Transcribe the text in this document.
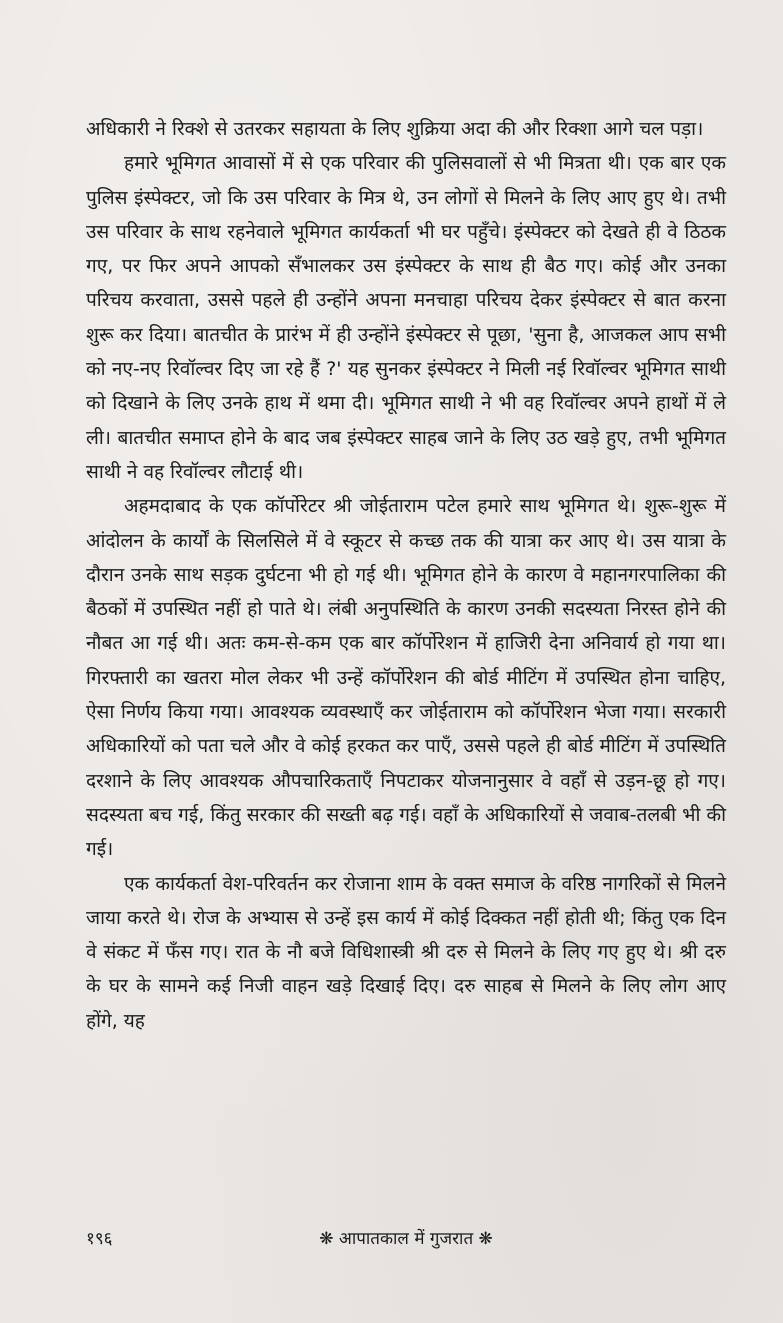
अधिकारी ने रिक्शे से उतरकर सहायता के लिए शुक्रिया अदा की और रिक्शा आगे चल पड़ा।

हमारे भूमिगत आवासों में से एक परिवार की पुलिसवालों से भी मित्रता थी। एक बार एक पुलिस इंस्पेक्टर, जो कि उस परिवार के मित्र थे, उन लोगों से मिलने के लिए आए हुए थे। तभी उस परिवार के साथ रहनेवाले भूमिगत कार्यकर्ता भी घर पहुँचे। इंस्पेक्टर को देखते ही वे ठिठक गए, पर फिर अपने आपको सँभालकर उस इंस्पेक्टर के साथ ही बैठ गए। कोई और उनका परिचय करवाता, उससे पहले ही उन्होंने अपना मनचाहा परिचय देकर इंस्पेक्टर से बात करना शुरू कर दिया। बातचीत के प्रारंभ में ही उन्होंने इंस्पेक्टर से पूछा, 'सुना है, आजकल आप सभी को नए-नए रिवॉल्वर दिए जा रहे हैं ?' यह सुनकर इंस्पेक्टर ने मिली नई रिवॉल्वर भूमिगत साथी को दिखाने के लिए उनके हाथ में थमा दी। भूमिगत साथी ने भी वह रिवॉल्वर अपने हाथों में ले ली। बातचीत समाप्त होने के बाद जब इंस्पेक्टर साहब जाने के लिए उठ खड़े हुए, तभी भूमिगत साथी ने वह रिवॉल्वर लौटाई थी।

अहमदाबाद के एक कॉर्पोरेटर श्री जोईताराम पटेल हमारे साथ भूमिगत थे। शुरू-शुरू में आंदोलन के कार्यों के सिलसिले में वे स्कूटर से कच्छ तक की यात्रा कर आए थे। उस यात्रा के दौरान उनके साथ सड़क दुर्घटना भी हो गई थी। भूमिगत होने के कारण वे महानगरपालिका की बैठकों में उपस्थित नहीं हो पाते थे। लंबी अनुपस्थिति के कारण उनकी सदस्यता निरस्त होने की नौबत आ गई थी। अतः कम-से-कम एक बार कॉर्पोरेशन में हाजिरी देना अनिवार्य हो गया था। गिरफ्तारी का खतरा मोल लेकर भी उन्हें कॉर्पोरेशन की बोर्ड मीटिंग में उपस्थित होना चाहिए, ऐसा निर्णय किया गया। आवश्यक व्यवस्थाएँ कर जोईताराम को कॉर्पोरेशन भेजा गया। सरकारी अधिकारियों को पता चले और वे कोई हरकत कर पाएँ, उससे पहले ही बोर्ड मीटिंग में उपस्थिति दरशाने के लिए आवश्यक औपचारिकताएँ निपटाकर योजनानुसार वे वहाँ से उड़न-छू हो गए। सदस्यता बच गई, किंतु सरकार की सख्ती बढ़ गई। वहाँ के अधिकारियों से जवाब-तलबी भी की गई।

एक कार्यकर्ता वेश-परिवर्तन कर रोजाना शाम के वक्त समाज के वरिष्ठ नागरिकों से मिलने जाया करते थे। रोज के अभ्यास से उन्हें इस कार्य में कोई दिक्कत नहीं होती थी; किंतु एक दिन वे संकट में फँस गए। रात के नौ बजे विधिशास्त्री श्री दरु से मिलने के लिए गए हुए थे। श्री दरु के घर के सामने कई निजी वाहन खड़े दिखाई दिए। दरु साहब से मिलने के लिए लोग आए होंगे, यह

१९६	❋ आपातकाल में गुजरात ❋
